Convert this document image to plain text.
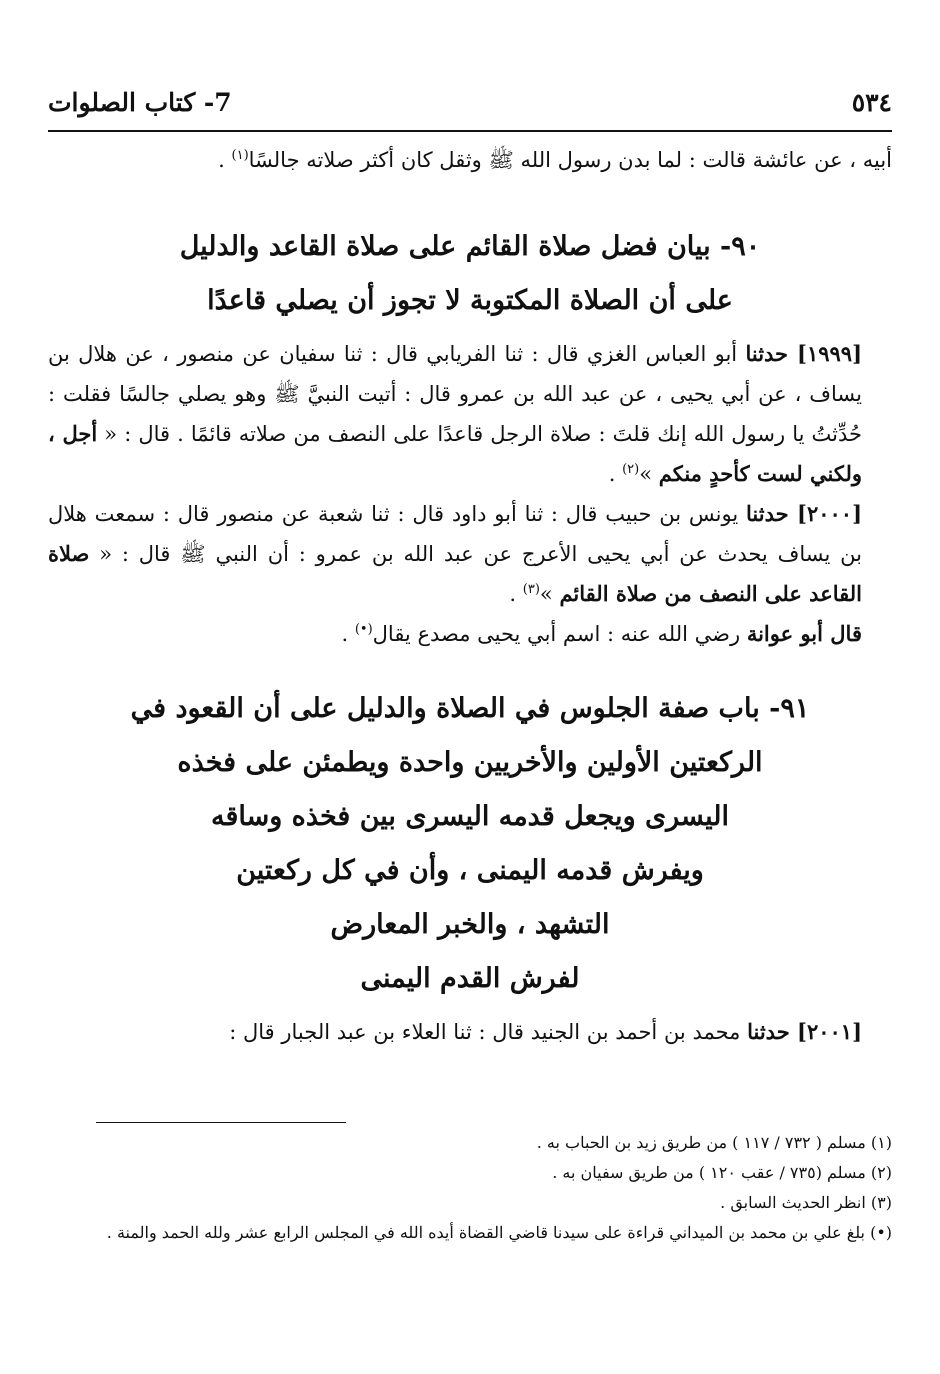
٥٣٤
7- كتاب الصلوات

أبيه ، عن عائشة قالت : لما بدن رسول الله ﷺ وثقل كان أكثر صلاته جالسًا$^{(١)}$ .

٩٠- بيان فضل صلاة القائم على صلاة القاعد والدليل
على أن الصلاة المكتوبة لا تجوز أن يصلي قاعدًا

[١٩٩٩] حدثنا أبو العباس الغزي قال : ثنا الفريابي قال : ثنا سفيان عن منصور ، عن هلال بن يساف ، عن أبي يحيى ، عن عبد الله بن عمرو قال : أتيت النبيَّ ﷺ وهو يصلي جالسًا فقلت : حُدِّثتُ يا رسول الله إنك قلتَ : صلاة الرجل قاعدًا على النصف من صلاته قائمًا . قال : « أجل ، ولكني لست كأحدٍ منكم »$^{(٢)}$ .

[٢٠٠٠] حدثنا يونس بن حبيب قال : ثنا أبو داود قال : ثنا شعبة عن منصور قال : سمعت هلال بن يساف يحدث عن أبي يحيى الأعرج عن عبد الله بن عمرو : أن النبي ﷺ قال : « صلاة القاعد على النصف من صلاة القائم »$^{(٣)}$ .

قال أبو عوانة رضي الله عنه : اسم أبي يحيى مصدع يقال(•) .

٩١- باب صفة الجلوس في الصلاة والدليل على أن القعود في
الركعتين الأولين والأخريين واحدة ويطمئن على فخذه
اليسرى ويجعل قدمه اليسرى بين فخذه وساقه
ويفرش قدمه اليمنى ، وأن في كل ركعتين
التشهد ، والخبر المعارض
لفرش القدم اليمنى

[٢٠٠١] حدثنا محمد بن أحمد بن الجنيد قال : ثنا العلاء بن عبد الجبار قال :

(١) مسلم ( ٧٣٢ / ١١٧ ) من طريق زيد بن الحباب به .

(٢) مسلم (٧٣٥ / عقب ١٢٠ ) من طريق سفيان به .

(٣) انظر الحديث السابق .

(•) بلغ علي بن محمد بن الميداني قراءة على سيدنا قاضي القضاة أيده الله في المجلس الرابع عشر ولله الحمد والمنة .
